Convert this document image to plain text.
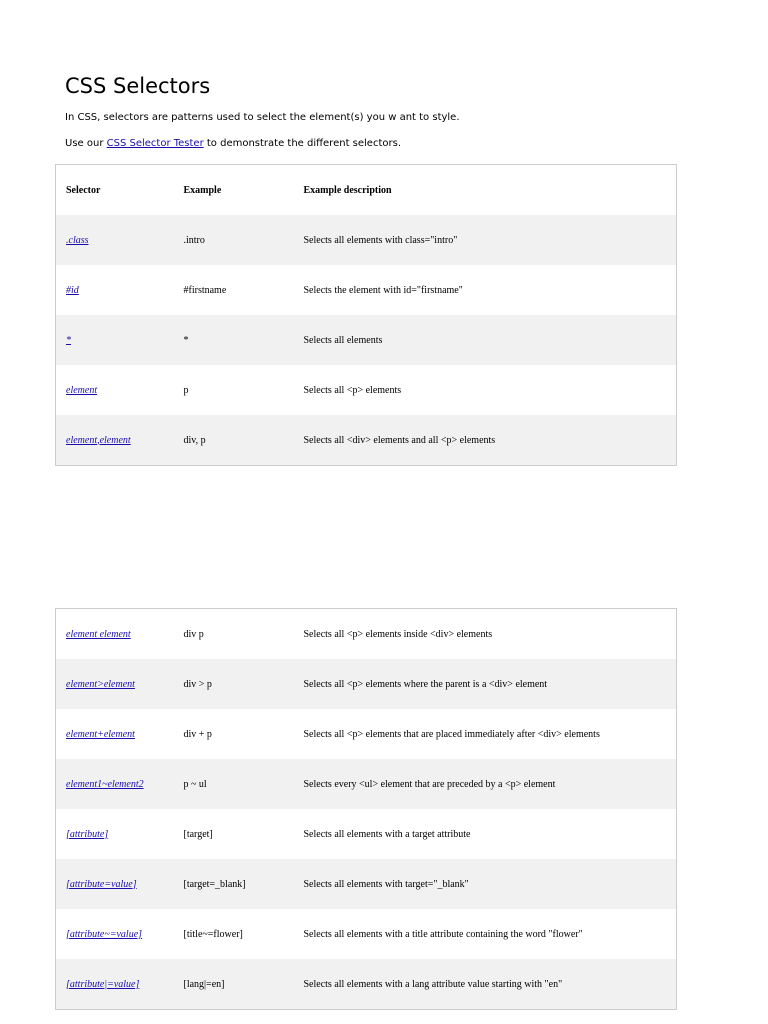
CSS Selectors

In CSS, selectors are patterns used to select the element(s) you w ant to style.

Use our CSS Selector Tester to demonstrate the different selectors.

Selector	Example	Example description
.class	.intro	Selects all elements with class="intro"
#id	#firstname	Selects the element with id="firstname"
*	*	Selects all elements
element	p	Selects all <p> elements
element,element	div, p	Selects all <div> elements and all <p> elements
element element	div p	Selects all <p> elements inside <div> elements
element>element	div > p	Selects all <p> elements where the parent is a <div> element
element+element	div + p	Selects all <p> elements that are placed immediately after <div> elements
element1~element2	p ~ ul	Selects every <ul> element that are preceded by a <p> element
[attribute]	[target]	Selects all elements with a target attribute
[attribute=value]	[target=_blank]	Selects all elements with target="_blank"
[attribute~=value]	[title~=flower]	Selects all elements with a title attribute containing the word "flower"
[attribute|=value]	[lang|=en]	Selects all elements with a lang attribute value starting with "en"
